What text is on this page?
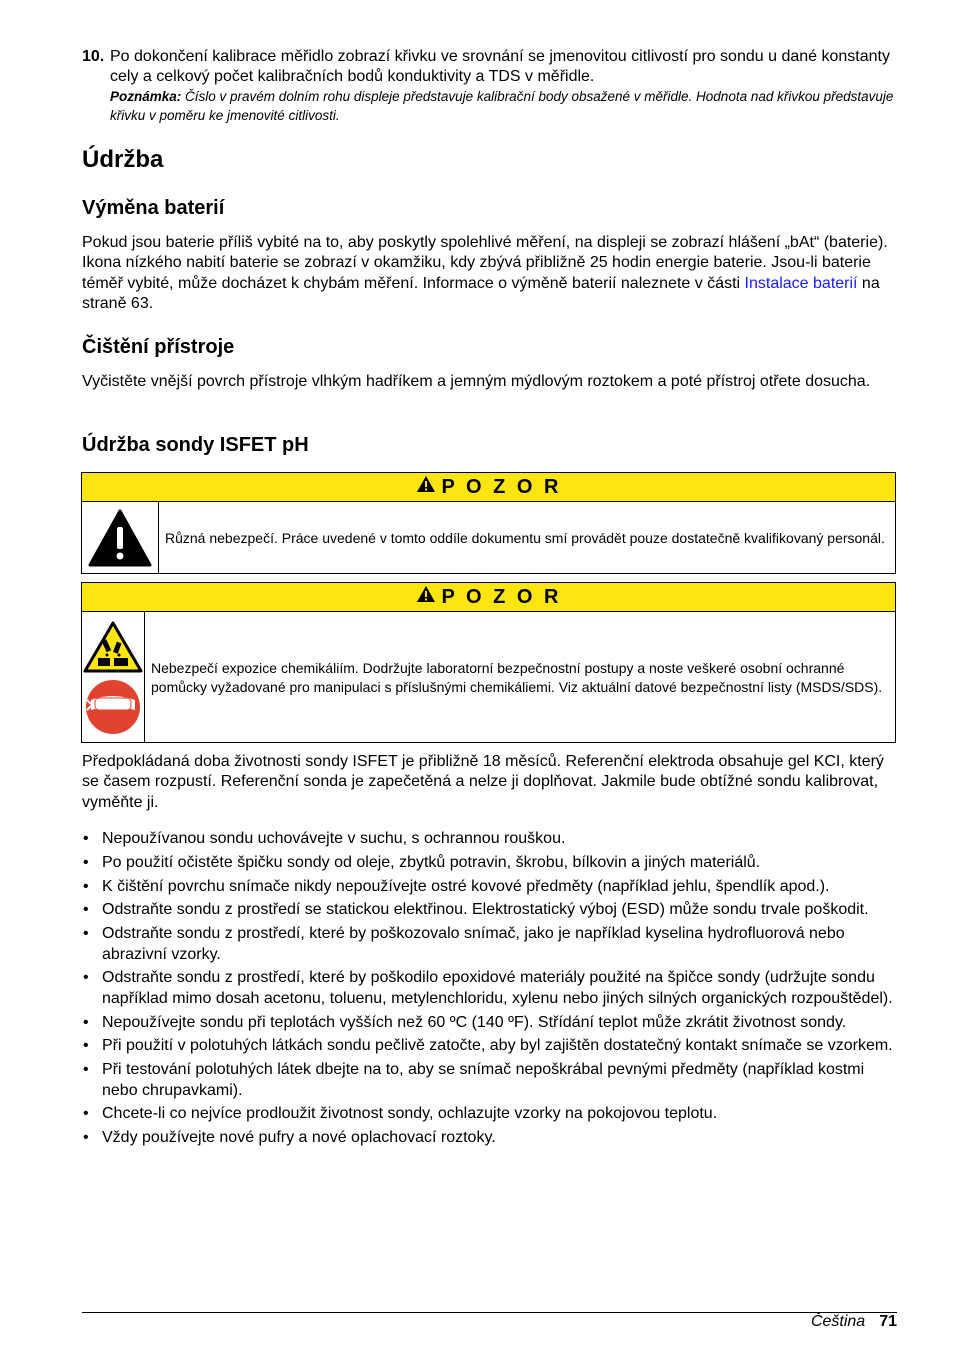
10. Po dokončení kalibrace měřidlo zobrazí křivku ve srovnání se jmenovitou citlivostí pro sondu u dané konstanty cely a celkový počet kalibračních bodů konduktivity a TDS v měřidle.
Poznámka: Číslo v pravém dolním rohu displeje představuje kalibrační body obsažené v měřidle. Hodnota nad křivkou představuje křivku v poměru ke jmenovité citlivosti.
Údržba
Výměna baterií

Pokud jsou baterie příliš vybité na to, aby poskytly spolehlivé měření, na displeji se zobrazí hlášení „bAt“ (baterie). Ikona nízkého nabití baterie se zobrazí v okamžiku, kdy zbývá přibližně 25 hodin energie baterie. Jsou-li baterie téměř vybité, může docházet k chybám měření. Informace o výměně baterií naleznete v části Instalace baterií na straně 63.

Čištění přístroje

Vyčistěte vnější povrch přístroje vlhkým hadříkem a jemným mýdlovým roztokem a poté přístroj otřete dosucha.

Údržba sondy ISFET pH
P O Z O R
Různá nebezpečí. Práce uvedené v tomto oddíle dokumentu smí provádět pouze dostatečně kvalifikovaný personál.
P O Z O R
Nebezpečí expozice chemikáliím. Dodržujte laboratorní bezpečnostní postupy a noste veškeré osobní ochranné pomůcky vyžadované pro manipulaci s příslušnými chemikáliemi. Viz aktuální datové bezpečnostní listy (MSDS/SDS).

Předpokládaná doba životnosti sondy ISFET je přibližně 18 měsíců. Referenční elektroda obsahuje gel KCI, který se časem rozpustí. Referenční sonda je zapečetěná a nelze ji doplňovat. Jakmile bude obtížné sondu kalibrovat, vyměňte ji.

• Nepoužívanou sondu uchovávejte v suchu, s ochrannou rouškou.
• Po použití očistěte špičku sondy od oleje, zbytků potravin, škrobu, bílkovin a jiných materiálů.
• K čištění povrchu snímače nikdy nepoužívejte ostré kovové předměty (například jehlu, špendlík apod.).
• Odstraňte sondu z prostředí se statickou elektřinou. Elektrostatický výboj (ESD) může sondu trvale poškodit.
• Odstraňte sondu z prostředí, které by poškozovalo snímač, jako je například kyselina hydrofluorová nebo abrazivní vzorky.
• Odstraňte sondu z prostředí, které by poškodilo epoxidové materiály použité na špičce sondy (udržujte sondu například mimo dosah acetonu, toluenu, metylenchloridu, xylenu nebo jiných silných organických rozpouštědel).
• Nepoužívejte sondu při teplotách vyšších než 60 ºC (140 ºF). Střídání teplot může zkrátit životnost sondy.
• Při použití v polotuhých látkách sondu pečlivě zatočte, aby byl zajištěn dostatečný kontakt snímače se vzorkem.
• Při testování polotuhých látek dbejte na to, aby se snímač nepoškrábal pevnými předměty (například kostmi nebo chrupavkami).
• Chcete-li co nejvíce prodloužit životnost sondy, ochlazujte vzorky na pokojovou teplotu.
• Vždy používejte nové pufry a nové oplachovací roztoky.
Čeština 71
